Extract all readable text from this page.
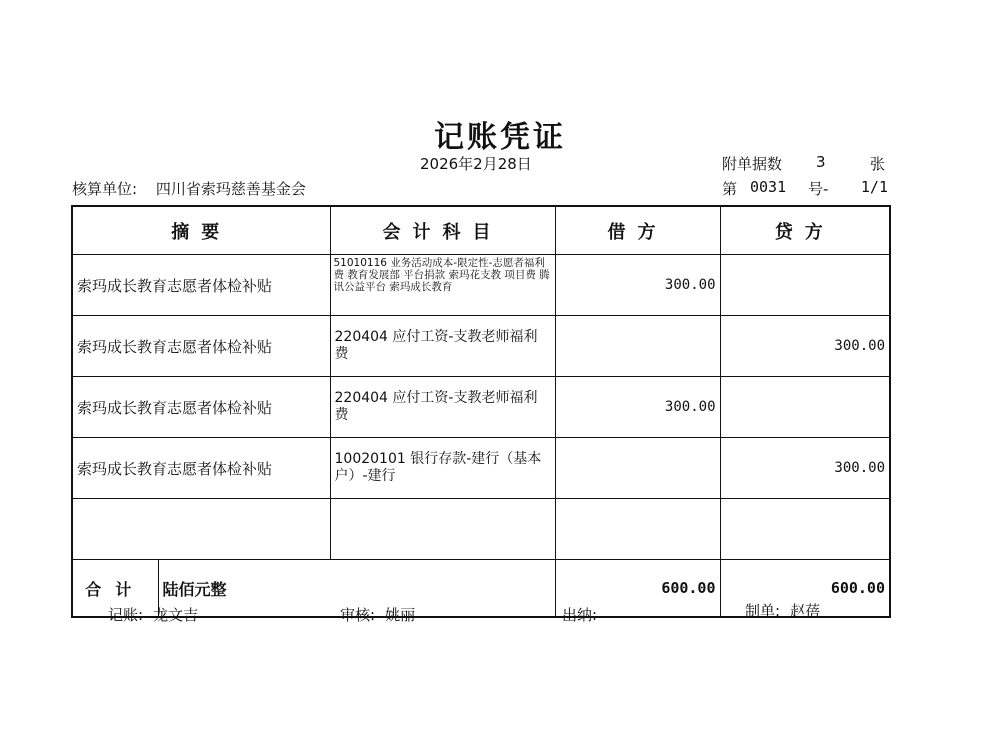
记账凭证
2026年2月28日	附单据数 3	张
核算单位: 四川省索玛慈善基金会	第 0031 号- 1/1
摘要		会计科目	借方	贷方
索玛成长教育志愿者体检补贴		51010116 业务活动成本-限定性-志愿者福利费 教育发展部 平台捐款 索玛花支教 项目费 腾讯公益平台 索玛成长教育	300.00	
索玛成长教育志愿者体检补贴		220404 应付工资-支教老师福利费		300.00
索玛成长教育志愿者体检补贴		220404 应付工资-支教老师福利费	300.00	
索玛成长教育志愿者体检补贴		10020101 银行存款-建行（基本户）-建行		300.00

合计	陆佰元整		600.00	600.00
记账: 龙文吉	审核: 姚丽	出纳:	制单: 赵蓓
